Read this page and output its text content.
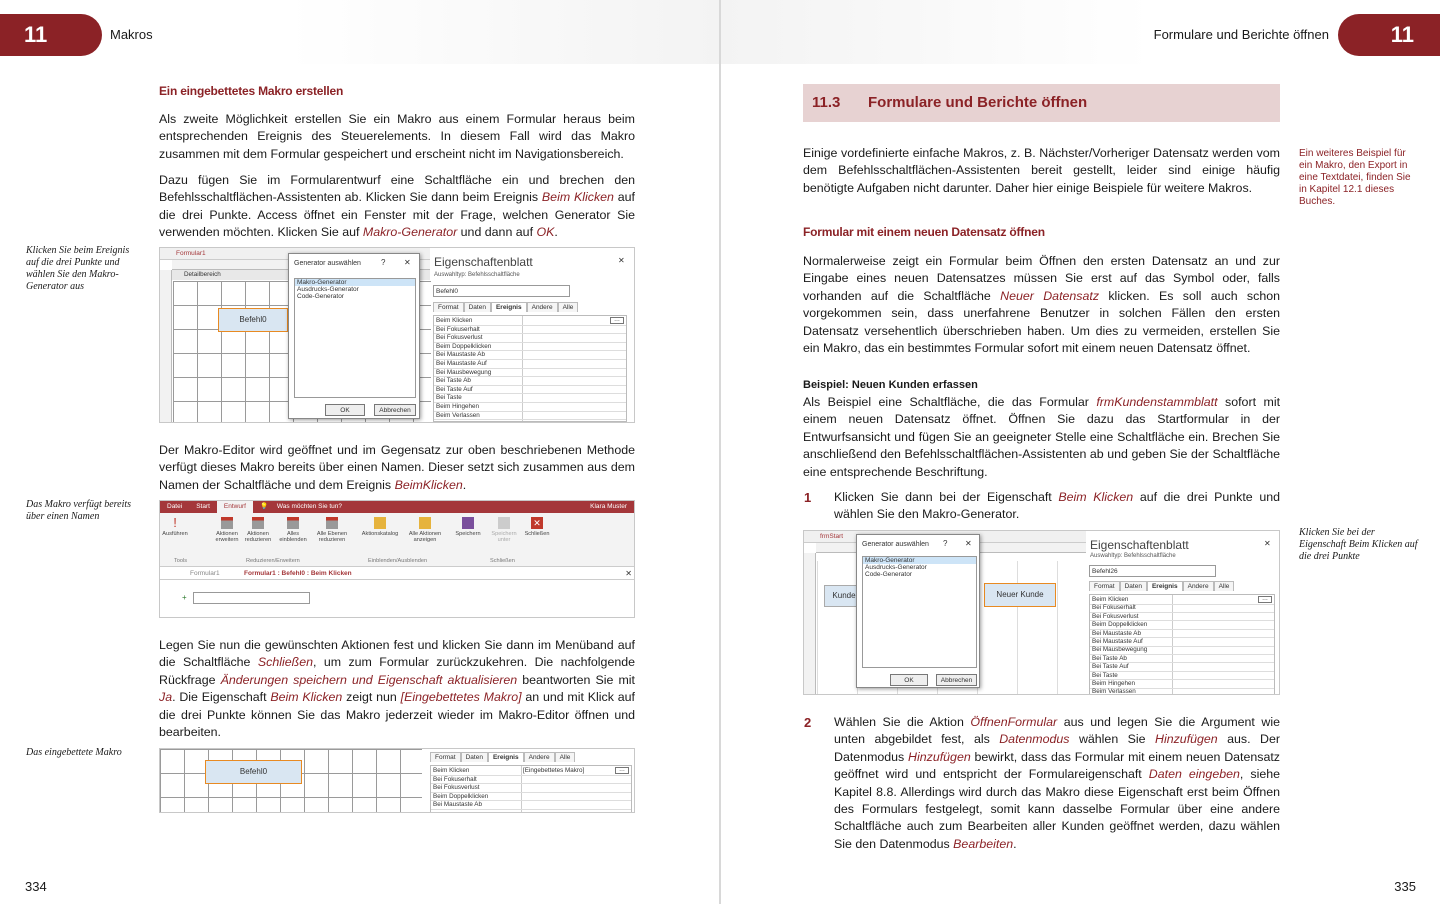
11	Makros
Ein eingebettetes Makro erstellen
Als zweite Möglichkeit erstellen Sie ein Makro aus einem Formular heraus beim entsprechenden Ereignis des Steuerelements. In diesem Fall wird das Makro zusammen mit dem Formular gespeichert und erscheint nicht im Navigationsbereich.
Dazu fügen Sie im Formularentwurf eine Schaltfläche ein und brechen den Befehlsschaltflächen-Assistenten ab. Klicken Sie dann beim Ereignis Beim Klicken auf die drei Punkte. Access öffnet ein Fenster mit der Frage, welchen Generator Sie verwenden möchten. Klicken Sie auf Makro-Generator und dann auf OK.
Klicken Sie beim Ereignis auf die drei Punkte und wählen Sie den Makro-Generator aus
Formular1
Detailbereich
Befehl0
Generator auswählen	? ✕
Makro-Generator
Ausdrucks-Generator
Code-Generator
OK	Abbrechen
Eigenschaftenblatt
Auswahltyp: Befehlsschaltfläche
✕
Befehl0
Format	Daten	Ereignis	Andere	Alle
Beim Klicken	…
Bei Fokuserhalt
Bei Fokusverlust
Beim Doppelklicken
Bei Maustaste Ab
Bei Maustaste Auf
Bei Mausbewegung
Bei Taste Ab
Bei Taste Auf
Bei Taste
Beim Hingehen
Beim Verlassen
Der Makro-Editor wird geöffnet und im Gegensatz zur oben beschriebenen Methode verfügt dieses Makro bereits über einen Namen. Dieser setzt sich zusammen aus dem Namen der Schaltfläche und dem Ereignis BeimKlicken.
Das Makro verfügt bereits über einen Namen
Datei	Start	Entwurf	💡 Was möchten Sie tun?	Klara Muster
!
Ausführen	Aktionen erweitern
Aktionen reduzieren
Alles einblenden
Alle Ebenen reduzieren
Aktionskatalog	Alle Aktionen anzeigen
Speichern	Speichern unter
✕
Schließen
Tools	Reduzieren/Erweitern	Einblenden/Ausblenden	Schließen
Formular1	Formular1 : Befehl0 : Beim Klicken	✕
+
Legen Sie nun die gewünschten Aktionen fest und klicken Sie dann im Menüband auf die Schaltfläche Schließen, um zum Formular zurückzukehren. Die nachfolgende Rückfrage Änderungen speichern und Eigenschaft aktualisieren beantworten Sie mit Ja. Die Eigenschaft Beim Klicken zeigt nun [Eingebettetes Makro] an und mit Klick auf die drei Punkte können Sie das Makro jederzeit wieder im Makro-Editor öffnen und bearbeiten.
Das eingebettete Makro
Befehl0
Format	Daten	Ereignis	Andere	Alle
Beim Klicken	[Eingebettetes Makro]	…
Bei Fokuserhalt
Bei Fokusverlust
Beim Doppelklicken
Bei Maustaste Ab
334
Formulare und Berichte öffnen	11
11.3 Formulare und Berichte öffnen
Einige vordefinierte einfache Makros, z. B. Nächster/Vorheriger Datensatz werden vom dem Befehlsschaltflächen-Assistenten bereit gestellt, leider sind einige häufig benötigte Aufgaben nicht darunter. Daher hier einige Beispiele für weitere Makros.
Ein weiteres Beispiel für ein Makro, den Export in eine Textdatei, finden Sie in Kapitel 12.1 dieses Buches.
Formular mit einem neuen Datensatz öffnen
Normalerweise zeigt ein Formular beim Öffnen den ersten Datensatz an und zur Eingabe eines neuen Datensatzes müssen Sie erst auf das Symbol oder, falls vorhanden auf die Schaltfläche Neuer Datensatz klicken. Es soll auch schon vorgekommen sein, dass unerfahrene Benutzer in solchen Fällen den ersten Datensatz versehentlich überschrieben haben. Um dies zu vermeiden, erstellen Sie ein Makro, das ein bestimmtes Formular sofort mit einem neuen Datensatz öffnet.
Beispiel: Neuen Kunden erfassen
Als Beispiel eine Schaltfläche, die das Formular frmKundenstammblatt sofort mit einem neuen Datensatz öffnet. Öffnen Sie dazu das Startformular in der Entwurfsansicht und fügen Sie an geeigneter Stelle eine Schaltfläche ein. Brechen Sie anschließend den Befehlsschaltflächen-Assistenten ab und geben Sie der Schaltfläche eine entsprechende Beschriftung.
1 Klicken Sie dann bei der Eigenschaft Beim Klicken auf die drei Punkte und wählen Sie den Makro-Generator.
Klicken Sie bei der Eigenschaft Beim Klicken auf die drei Punkte
frmStart
Kunde	Neuer Kunde
Generator auswählen ? ✕
Makro-Generator
Ausdrucks-Generator
Code-Generator
OK	Abbrechen
Eigenschaftenblatt
Auswahltyp: Befehlsschaltfläche
✕
Befehl26
Format	Daten	Ereignis	Andere	Alle
Beim Klicken	…
Bei Fokuserhalt
Bei Fokusverlust
Beim Doppelklicken
Bei Maustaste Ab
Bei Maustaste Auf
Bei Mausbewegung
Bei Taste Ab
Bei Taste Auf
Bei Taste
Beim Hingehen
Beim Verlassen
2 Wählen Sie die Aktion ÖffnenFormular aus und legen Sie die Argument wie unten abgebildet fest, als Datenmodus wählen Sie Hinzufügen aus. Der Datenmodus Hinzufügen bewirkt, dass das Formular mit einem neuen Datensatz geöffnet wird und entspricht der Formulareigenschaft Daten eingeben, siehe Kapitel 8.8. Allerdings wird durch das Makro diese Eigenschaft erst beim Öffnen des Formulars festgelegt, somit kann dasselbe Formular über eine andere Schaltfläche auch zum Bearbeiten aller Kunden geöffnet werden, dazu wählen Sie den Datenmodus Bearbeiten.
335
